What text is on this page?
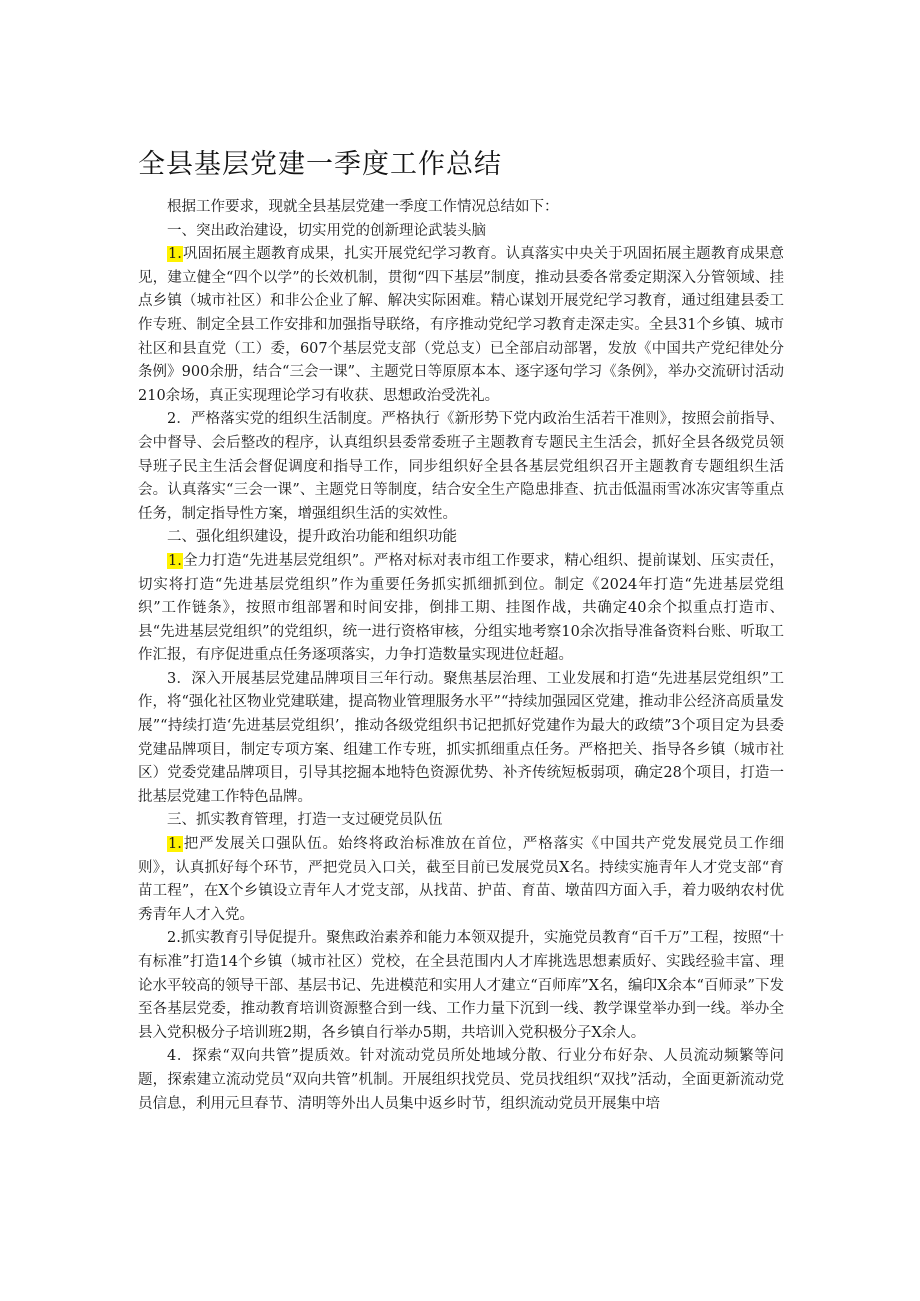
全县基层党建一季度工作总结

根据工作要求，现就全县基层党建一季度工作情况总结如下：

一、突出政治建设，切实用党的创新理论武装头脑

1.巩固拓展主题教育成果，扎实开展党纪学习教育。认真落实中央关于巩固拓展主题教育成果意见，建立健全“四个以学”的长效机制，贯彻“四下基层”制度，推动县委各常委定期深入分管领域、挂点乡镇（城市社区）和非公企业了解、解决实际困难。精心谋划开展党纪学习教育，通过组建县委工作专班、制定全县工作安排和加强指导联络，有序推动党纪学习教育走深走实。全县31个乡镇、城市社区和县直党（工）委，607个基层党支部（党总支）已全部启动部署，发放《中国共产党纪律处分条例》900余册，结合“三会一课”、主题党日等原原本本、逐字逐句学习《条例》，举办交流研讨活动210余场，真正实现理论学习有收获、思想政治受洗礼。

2．严格落实党的组织生活制度。严格执行《新形势下党内政治生活若干准则》，按照会前指导、会中督导、会后整改的程序，认真组织县委常委班子主题教育专题民主生活会，抓好全县各级党员领导班子民主生活会督促调度和指导工作，同步组织好全县各基层党组织召开主题教育专题组织生活会。认真落实“三会一课”、主题党日等制度，结合安全生产隐患排查、抗击低温雨雪冰冻灾害等重点任务，制定指导性方案，增强组织生活的实效性。

二、强化组织建设，提升政治功能和组织功能

1.全力打造“先进基层党组织”。严格对标对表市组工作要求，精心组织、提前谋划、压实责任，切实将打造“先进基层党组织”作为重要任务抓实抓细抓到位。制定《2024年打造“先进基层党组织”工作链条》，按照市组部署和时间安排，倒排工期、挂图作战，共确定40余个拟重点打造市、县“先进基层党组织”的党组织，统一进行资格审核，分组实地考察10余次指导准备资料台账、听取工作汇报，有序促进重点任务逐项落实，力争打造数量实现进位赶超。

3．深入开展基层党建品牌项目三年行动。聚焦基层治理、工业发展和打造“先进基层党组织”工作，将“强化社区物业党建联建，提高物业管理服务水平”“持续加强园区党建，推动非公经济高质量发展”“持续打造‘先进基层党组织’，推动各级党组织书记把抓好党建作为最大的政绩”3个项目定为县委党建品牌项目，制定专项方案、组建工作专班，抓实抓细重点任务。严格把关、指导各乡镇（城市社区）党委党建品牌项目，引导其挖掘本地特色资源优势、补齐传统短板弱项，确定28个项目，打造一批基层党建工作特色品牌。

三、抓实教育管理，打造一支过硬党员队伍

1.把严发展关口强队伍。始终将政治标准放在首位，严格落实《中国共产党发展党员工作细则》，认真抓好每个环节，严把党员入口关，截至目前已发展党员X名。持续实施青年人才党支部“育苗工程”，在X个乡镇设立青年人才党支部，从找苗、护苗、育苗、墩苗四方面入手，着力吸纳农村优秀青年人才入党。

2.抓实教育引导促提升。聚焦政治素养和能力本领双提升，实施党员教育“百千万”工程，按照“十有标准”打造14个乡镇（城市社区）党校，在全县范围内人才库挑选思想素质好、实践经验丰富、理论水平较高的领导干部、基层书记、先进模范和实用人才建立“百师库”X名，编印X余本“百师录”下发至各基层党委，推动教育培训资源整合到一线、工作力量下沉到一线、教学课堂举办到一线。举办全县入党积极分子培训班2期，各乡镇自行举办5期，共培训入党积极分子X余人。

4．探索“双向共管”提质效。针对流动党员所处地域分散、行业分布好杂、人员流动频繁等问题，探索建立流动党员“双向共管”机制。开展组织找党员、党员找组织“双找”活动，全面更新流动党员信息，利用元旦春节、清明等外出人员集中返乡时节，组织流动党员开展集中培
